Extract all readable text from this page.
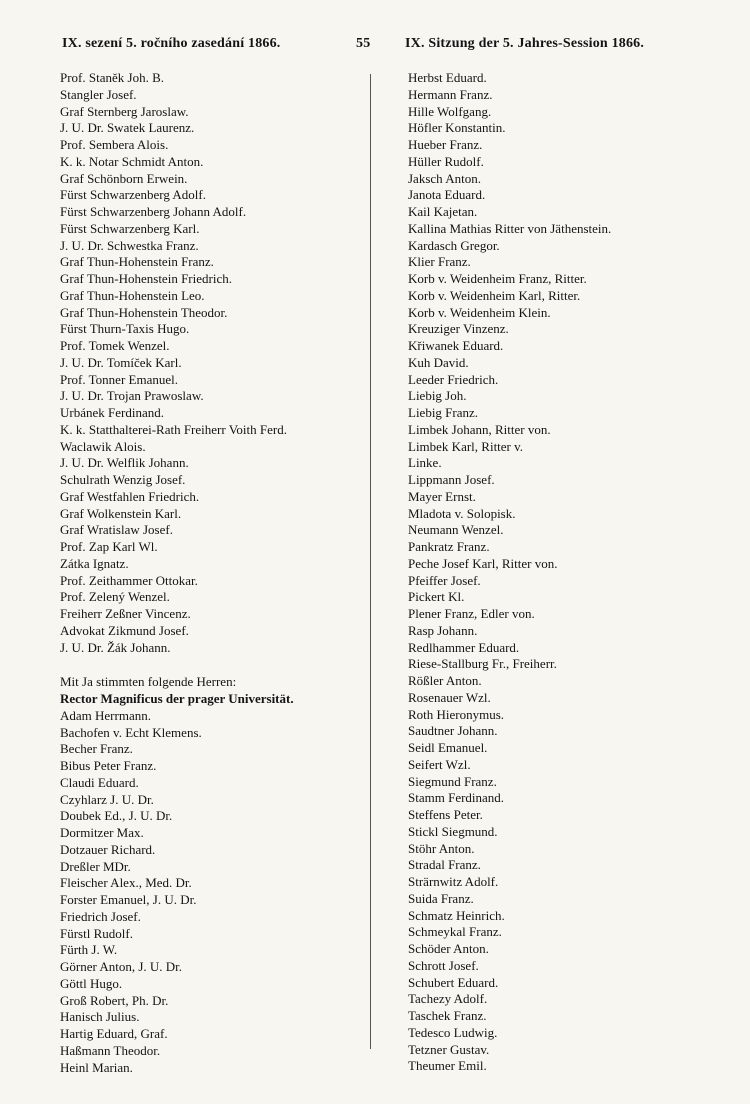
IX. sezení 5. ročního zasedání 1866.	55 IX. Sitzung der 5. Jahres-Session 1866.
Prof. Staněk Joh. B.
Stangler Josef.
Graf Sternberg Jaroslaw.
J. U. Dr. Swatek Laurenz.
Prof. Sembera Alois.
K. k. Notar Schmidt Anton.
Graf Schönborn Erwein.
Fürst Schwarzenberg Adolf.
Fürst Schwarzenberg Johann Adolf.
Fürst Schwarzenberg Karl.
J. U. Dr. Schwestka Franz.
Graf Thun-Hohenstein Franz.
Graf Thun-Hohenstein Friedrich.
Graf Thun-Hohenstein Leo.
Graf Thun-Hohenstein Theodor.
Fürst Thurn-Taxis Hugo.
Prof. Tomek Wenzel.
J. U. Dr. Tomíček Karl.
Prof. Tonner Emanuel.
J. U. Dr. Trojan Prawoslaw.
Urbánek Ferdinand.
K. k. Statthalterei-Rath Freiherr Voith Ferd.
Waclawik Alois.
J. U. Dr. Welflik Johann.
Schulrath Wenzig Josef.
Graf Westfahlen Friedrich.
Graf Wolkenstein Karl.
Graf Wratislaw Josef.
Prof. Zap Karl Wl.
Zátka Ignatz.
Prof. Zeithammer Ottokar.
Prof. Zelený Wenzel.
Freiherr Zeßner Vincenz.
Advokat Zikmund Josef.
J. U. Dr. Žák Johann.
Mit Ja stimmten folgende Herren:
Rector Magnificus der prager Universität.
Adam Herrmann.
Bachofen v. Echt Klemens.
Becher Franz.
Bibus Peter Franz.
Claudi Eduard.
Czyhlarz J. U. Dr.
Doubek Ed., J. U. Dr.
Dormitzer Max.
Dotzauer Richard.
Dreßler MDr.
Fleischer Alex., Med. Dr.
Forster Emanuel, J. U. Dr.
Friedrich Josef.
Fürstl Rudolf.
Fürth J. W.
Görner Anton, J. U. Dr.
Göttl Hugo.
Groß Robert, Ph. Dr.
Hanisch Julius.
Hartig Eduard, Graf.
Haßmann Theodor.
Heinl Marian.
Herbst Eduard.
Hermann Franz.
Hille Wolfgang.
Höfler Konstantin.
Hueber Franz.
Hüller Rudolf.
Jaksch Anton.
Janota Eduard.
Kail Kajetan.
Kallina Mathias Ritter von Jäthenstein.
Kardasch Gregor.
Klier Franz.
Korb v. Weidenheim Franz, Ritter.
Korb v. Weidenheim Karl, Ritter.
Korb v. Weidenheim Klein.
Kreuziger Vinzenz.
Křiwanek Eduard.
Kuh David.
Leeder Friedrich.
Liebig Joh.
Liebig Franz.
Limbek Johann, Ritter von.
Limbek Karl, Ritter v.
Linke.
Lippmann Josef.
Mayer Ernst.
Mladota v. Solopisk.
Neumann Wenzel.
Pankratz Franz.
Peche Josef Karl, Ritter von.
Pfeiffer Josef.
Pickert Kl.
Plener Franz, Edler von.
Rasp Johann.
Redlhammer Eduard.
Riese-Stallburg Fr., Freiherr.
Rößler Anton.
Rosenauer Wzl.
Roth Hieronymus.
Saudtner Johann.
Seidl Emanuel.
Seifert Wzl.
Siegmund Franz.
Stamm Ferdinand.
Steffens Peter.
Stickl Siegmund.
Stöhr Anton.
Stradal Franz.
Strärnwitz Adolf.
Suida Franz.
Schmatz Heinrich.
Schmeykal Franz.
Schöder Anton.
Schrott Josef.
Schubert Eduard.
Tachezy Adolf.
Taschek Franz.
Tedesco Ludwig.
Tetzner Gustav.
Theumer Emil.
